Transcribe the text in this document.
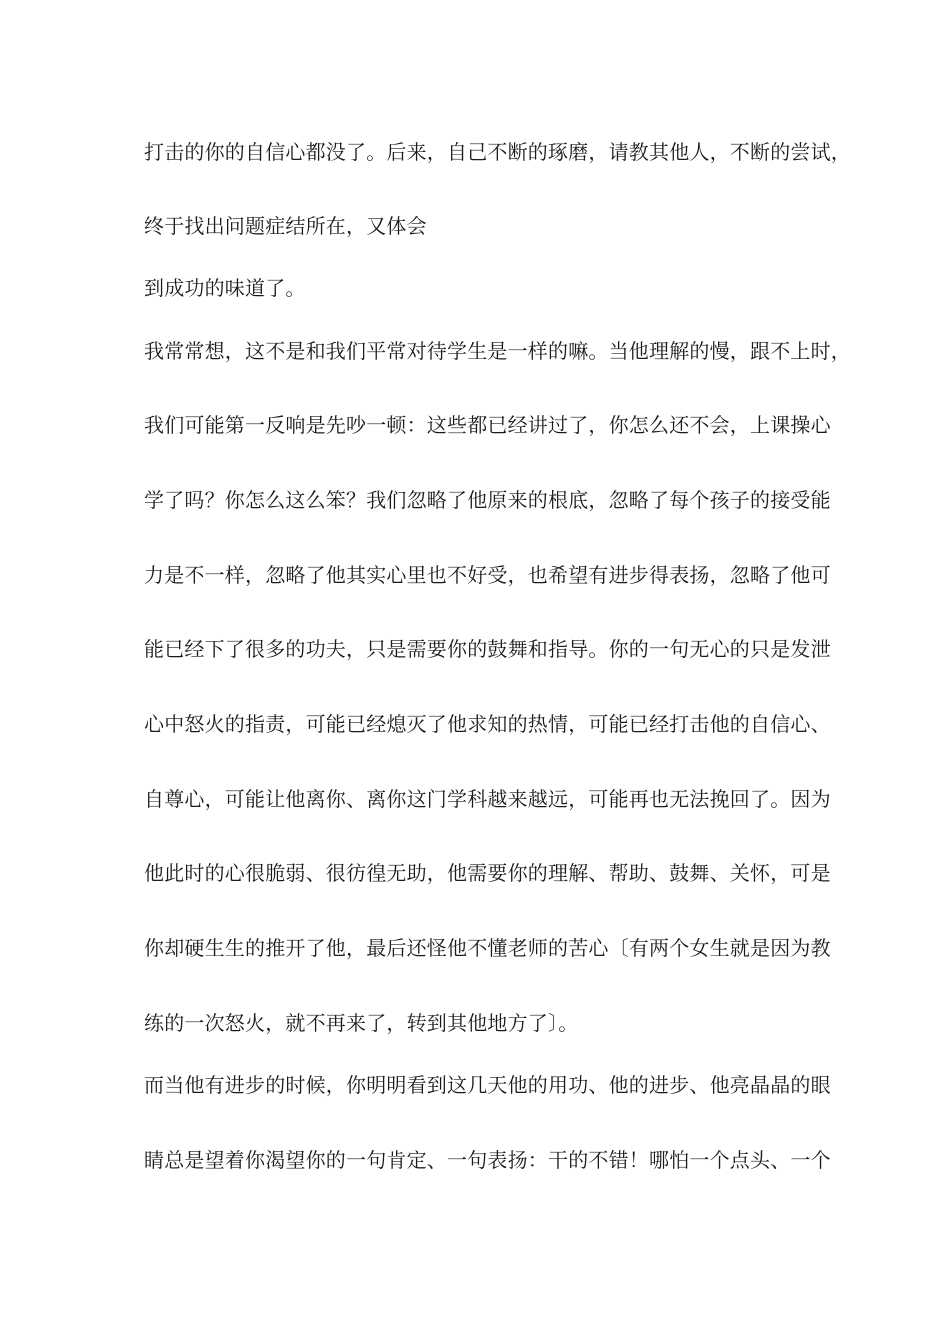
打击的你的自信心都没了。后来，自己不断的琢磨，请教其他人，不断的尝试，
终于找出问题症结所在，又体会
到成功的味道了。
我常常想，这不是和我们平常对待学生是一样的嘛。当他理解的慢，跟不上时，
我们可能第一反响是先吵一顿：这些都已经讲过了，你怎么还不会，上课操心
学了吗？你怎么这么笨？我们忽略了他原来的根底，忽略了每个孩子的接受能
力是不一样，忽略了他其实心里也不好受，也希望有进步得表扬，忽略了他可
能已经下了很多的功夫，只是需要你的鼓舞和指导。你的一句无心的只是发泄
心中怒火的指责，可能已经熄灭了他求知的热情，可能已经打击他的自信心、
自尊心，可能让他离你、离你这门学科越来越远，可能再也无法挽回了。因为
他此时的心很脆弱、很彷徨无助，他需要你的理解、帮助、鼓舞、关怀，可是
你却硬生生的推开了他，最后还怪他不懂老师的苦心〔有两个女生就是因为教
练的一次怒火，就不再来了，转到其他地方了〕。
而当他有进步的时候，你明明看到这几天他的用功、他的进步、他亮晶晶的眼
睛总是望着你渴望你的一句肯定、一句表扬：干的不错！哪怕一个点头、一个
